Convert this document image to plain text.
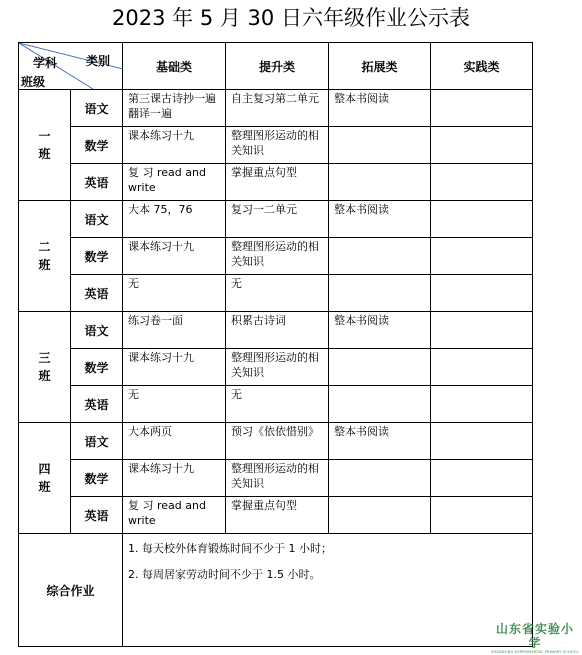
2023 年 5 月 30 日六年级作业公示表
学科 类别
班级		基础类	提升类	拓展类	实践类
一班	语文	第三课古诗抄一遍翻译一遍	自主复习第二单元	整本书阅读	
	数学	课本练习十九	整理图形运动的相关知识		
	英语	复 习 read and write	掌握重点句型		
二班	语文	大本 75，76	复习一二单元	整本书阅读	
	数学	课本练习十九	整理图形运动的相关知识		
	英语	无	无		
三班	语文	练习卷一面	积累古诗词	整本书阅读	
	数学	课本练习十九	整理图形运动的相关知识		
	英语	无	无		
四班	语文	大本两页	预习《依依惜别》	整本书阅读	
	数学	课本练习十九	整理图形运动的相关知识		
	英语	复 习 read and write	掌握重点句型		
综合作业		1. 每天校外体育锻炼时间不少于 1 小时；

2. 每周居家劳动时间不少于 1.5 小时。			

山东省实验小学
SHANDONG EXPERIMENTAL PRIMARY SCHOOL
